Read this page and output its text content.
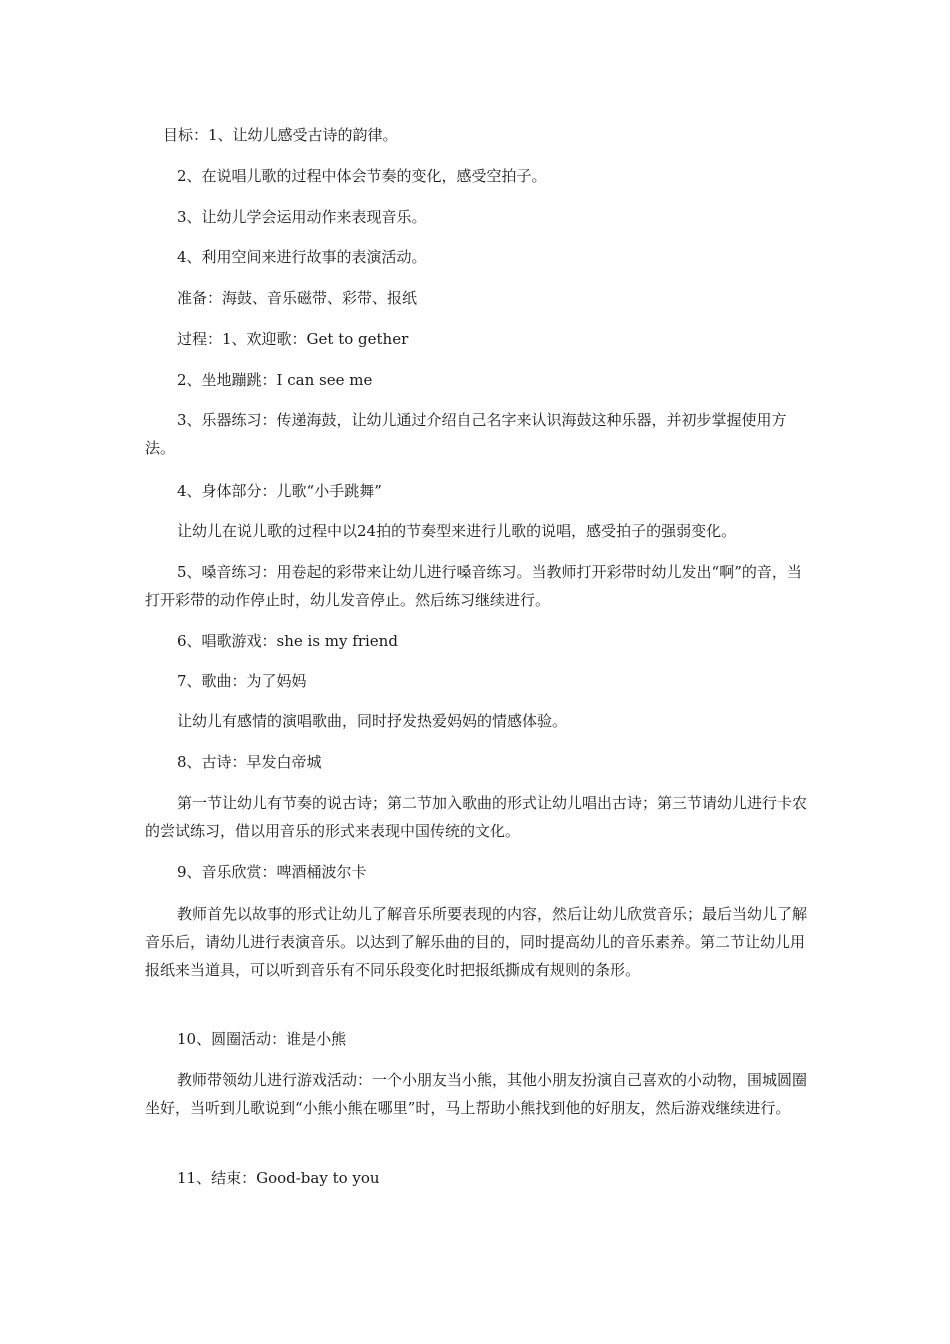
目标：1、让幼儿感受古诗的韵律。

2、在说唱儿歌的过程中体会节奏的变化，感受空拍子。

3、让幼儿学会运用动作来表现音乐。

4、利用空间来进行故事的表演活动。

准备：海鼓、音乐磁带、彩带、报纸

过程：1、欢迎歌：Get to gether

2、坐地蹦跳：I can see me

3、乐器练习：传递海鼓，让幼儿通过介绍自己名字来认识海鼓这种乐器，并初步掌握使用方法。

4、身体部分：儿歌“小手跳舞”

让幼儿在说儿歌的过程中以24拍的节奏型来进行儿歌的说唱，感受拍子的强弱变化。

5、嗓音练习：用卷起的彩带来让幼儿进行嗓音练习。当教师打开彩带时幼儿发出“啊”的音，当打开彩带的动作停止时，幼儿发音停止。然后练习继续进行。

6、唱歌游戏：she is my friend

7、歌曲：为了妈妈

让幼儿有感情的演唱歌曲，同时抒发热爱妈妈的情感体验。

8、古诗：早发白帝城

第一节让幼儿有节奏的说古诗；第二节加入歌曲的形式让幼儿唱出古诗；第三节请幼儿进行卡农的尝试练习，借以用音乐的形式来表现中国传统的文化。

9、音乐欣赏：啤酒桶波尔卡

教师首先以故事的形式让幼儿了解音乐所要表现的内容，然后让幼儿欣赏音乐；最后当幼儿了解音乐后，请幼儿进行表演音乐。以达到了解乐曲的目的，同时提高幼儿的音乐素养。第二节让幼儿用报纸来当道具，可以听到音乐有不同乐段变化时把报纸撕成有规则的条形。

10、圆圈活动：谁是小熊

教师带领幼儿进行游戏活动：一个小朋友当小熊，其他小朋友扮演自己喜欢的小动物，围城圆圈坐好，当听到儿歌说到“小熊小熊在哪里”时，马上帮助小熊找到他的好朋友，然后游戏继续进行。

11、结束：Good-bay to you
